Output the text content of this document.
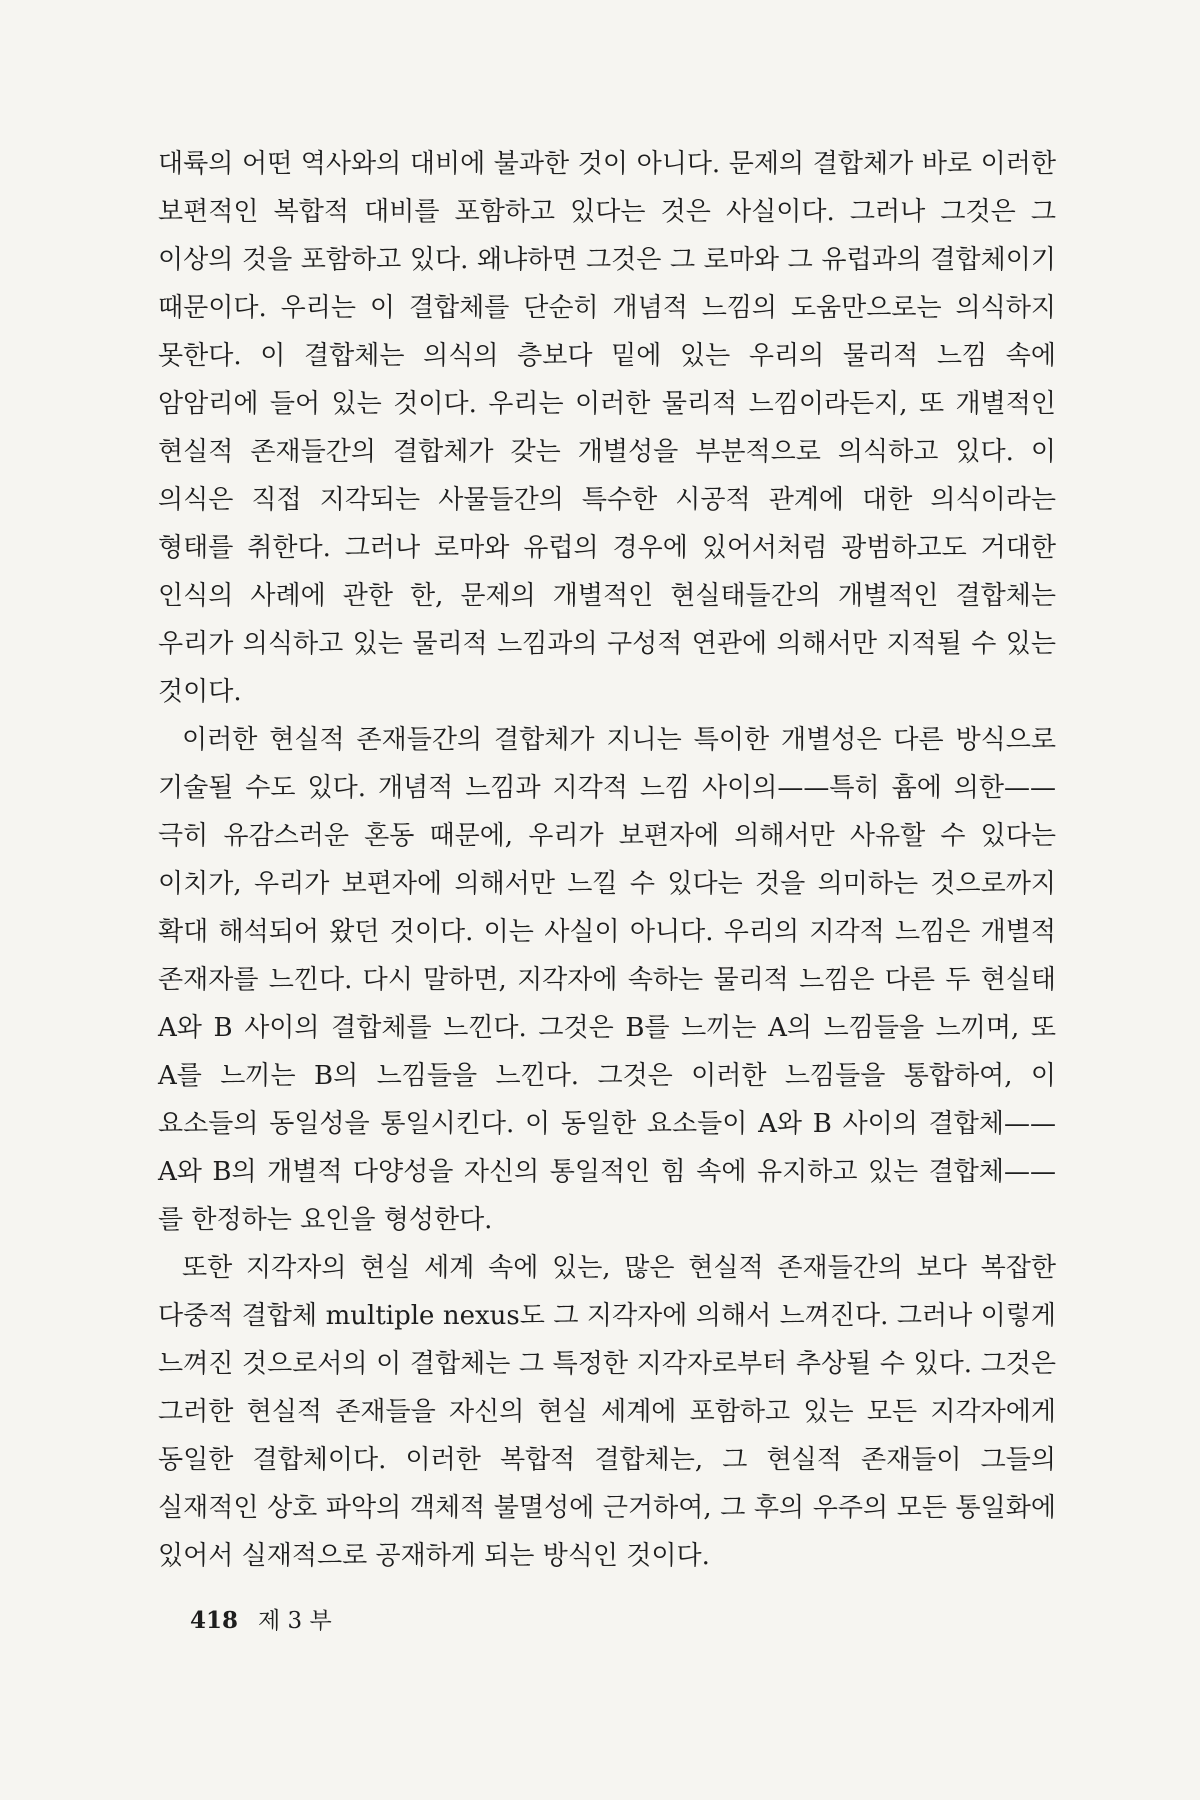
대륙의 어떤 역사와의 대비에 불과한 것이 아니다. 문제의 결합체가 바로 이러한 보편적인 복합적 대비를 포함하고 있다는 것은 사실이다. 그러나 그것은 그 이상의 것을 포함하고 있다. 왜냐하면 그것은 그 로마와 그 유럽과의 결합체이기 때문이다. 우리는 이 결합체를 단순히 개념적 느낌의 도움만으로는 의식하지 못한다. 이 결합체는 의식의 층보다 밑에 있는 우리의 물리적 느낌 속에 암암리에 들어 있는 것이다. 우리는 이러한 물리적 느낌이라든지, 또 개별적인 현실적 존재들간의 결합체가 갖는 개별성을 부분적으로 의식하고 있다. 이 의식은 직접 지각되는 사물들간의 특수한 시공적 관계에 대한 의식이라는 형태를 취한다. 그러나 로마와 유럽의 경우에 있어서처럼 광범하고도 거대한 인식의 사례에 관한 한, 문제의 개별적인 현실태들간의 개별적인 결합체는 우리가 의식하고 있는 물리적 느낌과의 구성적 연관에 의해서만 지적될 수 있는 것이다.

이러한 현실적 존재들간의 결합체가 지니는 특이한 개별성은 다른 방식으로 기술될 수도 있다. 개념적 느낌과 지각적 느낌 사이의——특히 흄에 의한——극히 유감스러운 혼동 때문에, 우리가 보편자에 의해서만 사유할 수 있다는 이치가, 우리가 보편자에 의해서만 느낄 수 있다는 것을 의미하는 것으로까지 확대 해석되어 왔던 것이다. 이는 사실이 아니다. 우리의 지각적 느낌은 개별적 존재자를 느낀다. 다시 말하면, 지각자에 속하는 물리적 느낌은 다른 두 현실태 A와 B 사이의 결합체를 느낀다. 그것은 B를 느끼는 A의 느낌들을 느끼며, 또 A를 느끼는 B의 느낌들을 느낀다. 그것은 이러한 느낌들을 통합하여, 이 요소들의 동일성을 통일시킨다. 이 동일한 요소들이 A와 B 사이의 결합체——A와 B의 개별적 다양성을 자신의 통일적인 힘 속에 유지하고 있는 결합체——를 한정하는 요인을 형성한다.

또한 지각자의 현실 세계 속에 있는, 많은 현실적 존재들간의 보다 복잡한 다중적 결합체 multiple nexus도 그 지각자에 의해서 느껴진다. 그러나 이렇게 느껴진 것으로서의 이 결합체는 그 특정한 지각자로부터 추상될 수 있다. 그것은 그러한 현실적 존재들을 자신의 현실 세계에 포함하고 있는 모든 지각자에게 동일한 결합체이다. 이러한 복합적 결합체는, 그 현실적 존재들이 그들의 실재적인 상호 파악의 객체적 불멸성에 근거하여, 그 후의 우주의 모든 통일화에 있어서 실재적으로 공재하게 되는 방식인 것이다.

418 제 3 부
